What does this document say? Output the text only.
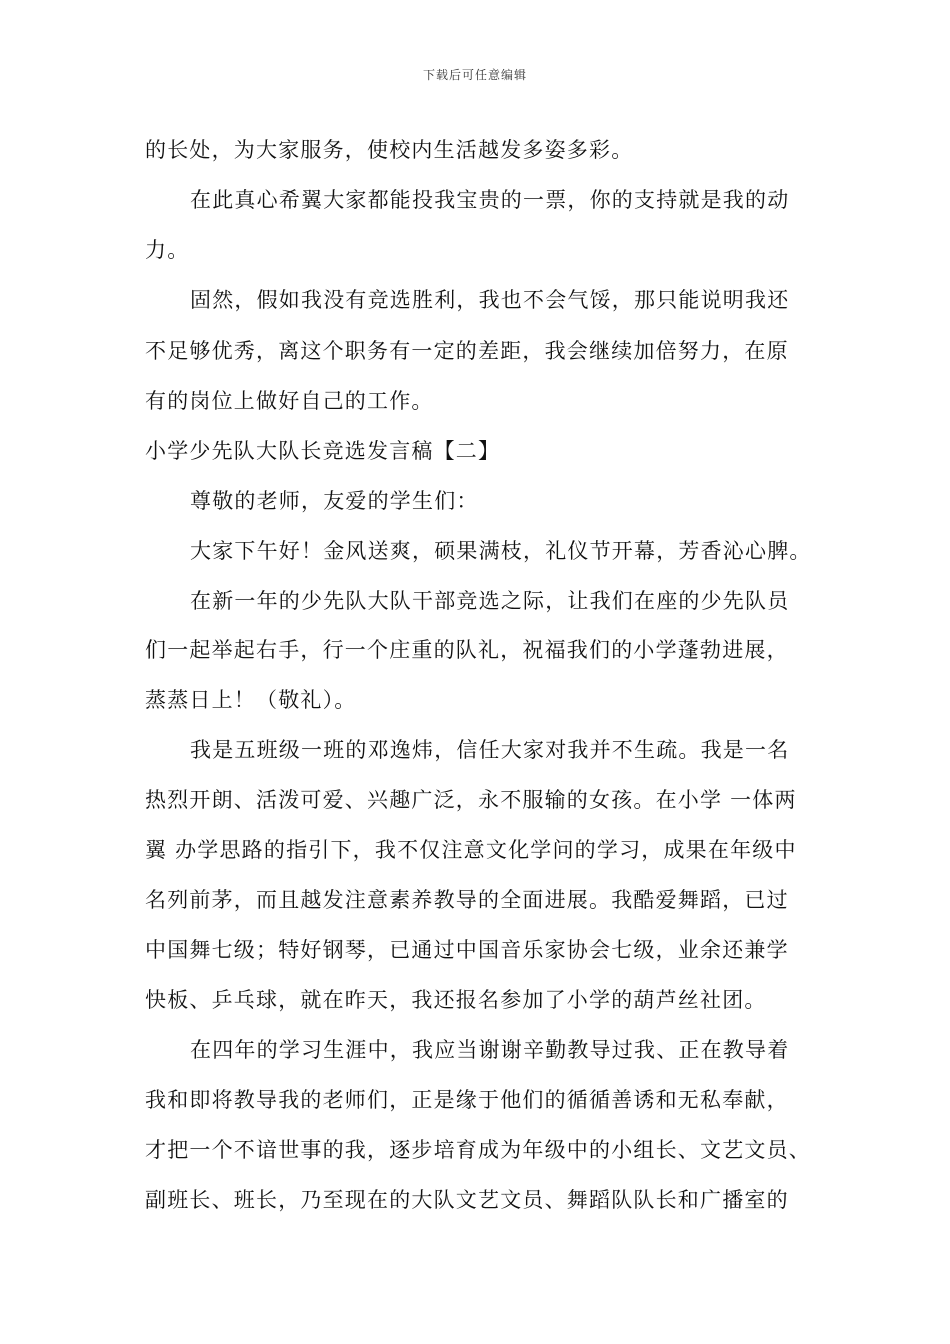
下载后可任意编辑
的长处，为大家服务，使校内生活越发多姿多彩。
在此真心希翼大家都能投我宝贵的一票，你的支持就是我的动
力。
固然，假如我没有竞选胜利，我也不会气馁，那只能说明我还
不足够优秀，离这个职务有一定的差距，我会继续加倍努力，在原
有的岗位上做好自己的工作。
小学少先队大队长竞选发言稿【二】
尊敬的老师，友爱的学生们：
大家下午好！金风送爽，硕果满枝，礼仪节开幕，芳香沁心脾。
在新一年的少先队大队干部竞选之际，让我们在座的少先队员
们一起举起右手，行一个庄重的队礼，祝福我们的小学蓬勃进展，
蒸蒸日上！（敬礼）。
我是五班级一班的邓逸炜，信任大家对我并不生疏。我是一名
热烈开朗、活泼可爱、兴趣广泛，永不服输的女孩。在小学 一体两
翼 办学思路的指引下，我不仅注意文化学问的学习，成果在年级中
名列前茅，而且越发注意素养教导的全面进展。我酷爱舞蹈，已过
中国舞七级；特好钢琴，已通过中国音乐家协会七级，业余还兼学
快板、乒乓球，就在昨天，我还报名参加了小学的葫芦丝社团。
在四年的学习生涯中，我应当谢谢辛勤教导过我、正在教导着
我和即将教导我的老师们，正是缘于他们的循循善诱和无私奉献，
才把一个不谙世事的我，逐步培育成为年级中的小组长、文艺文员、
副班长、班长，乃至现在的大队文艺文员、舞蹈队队长和广播室的
